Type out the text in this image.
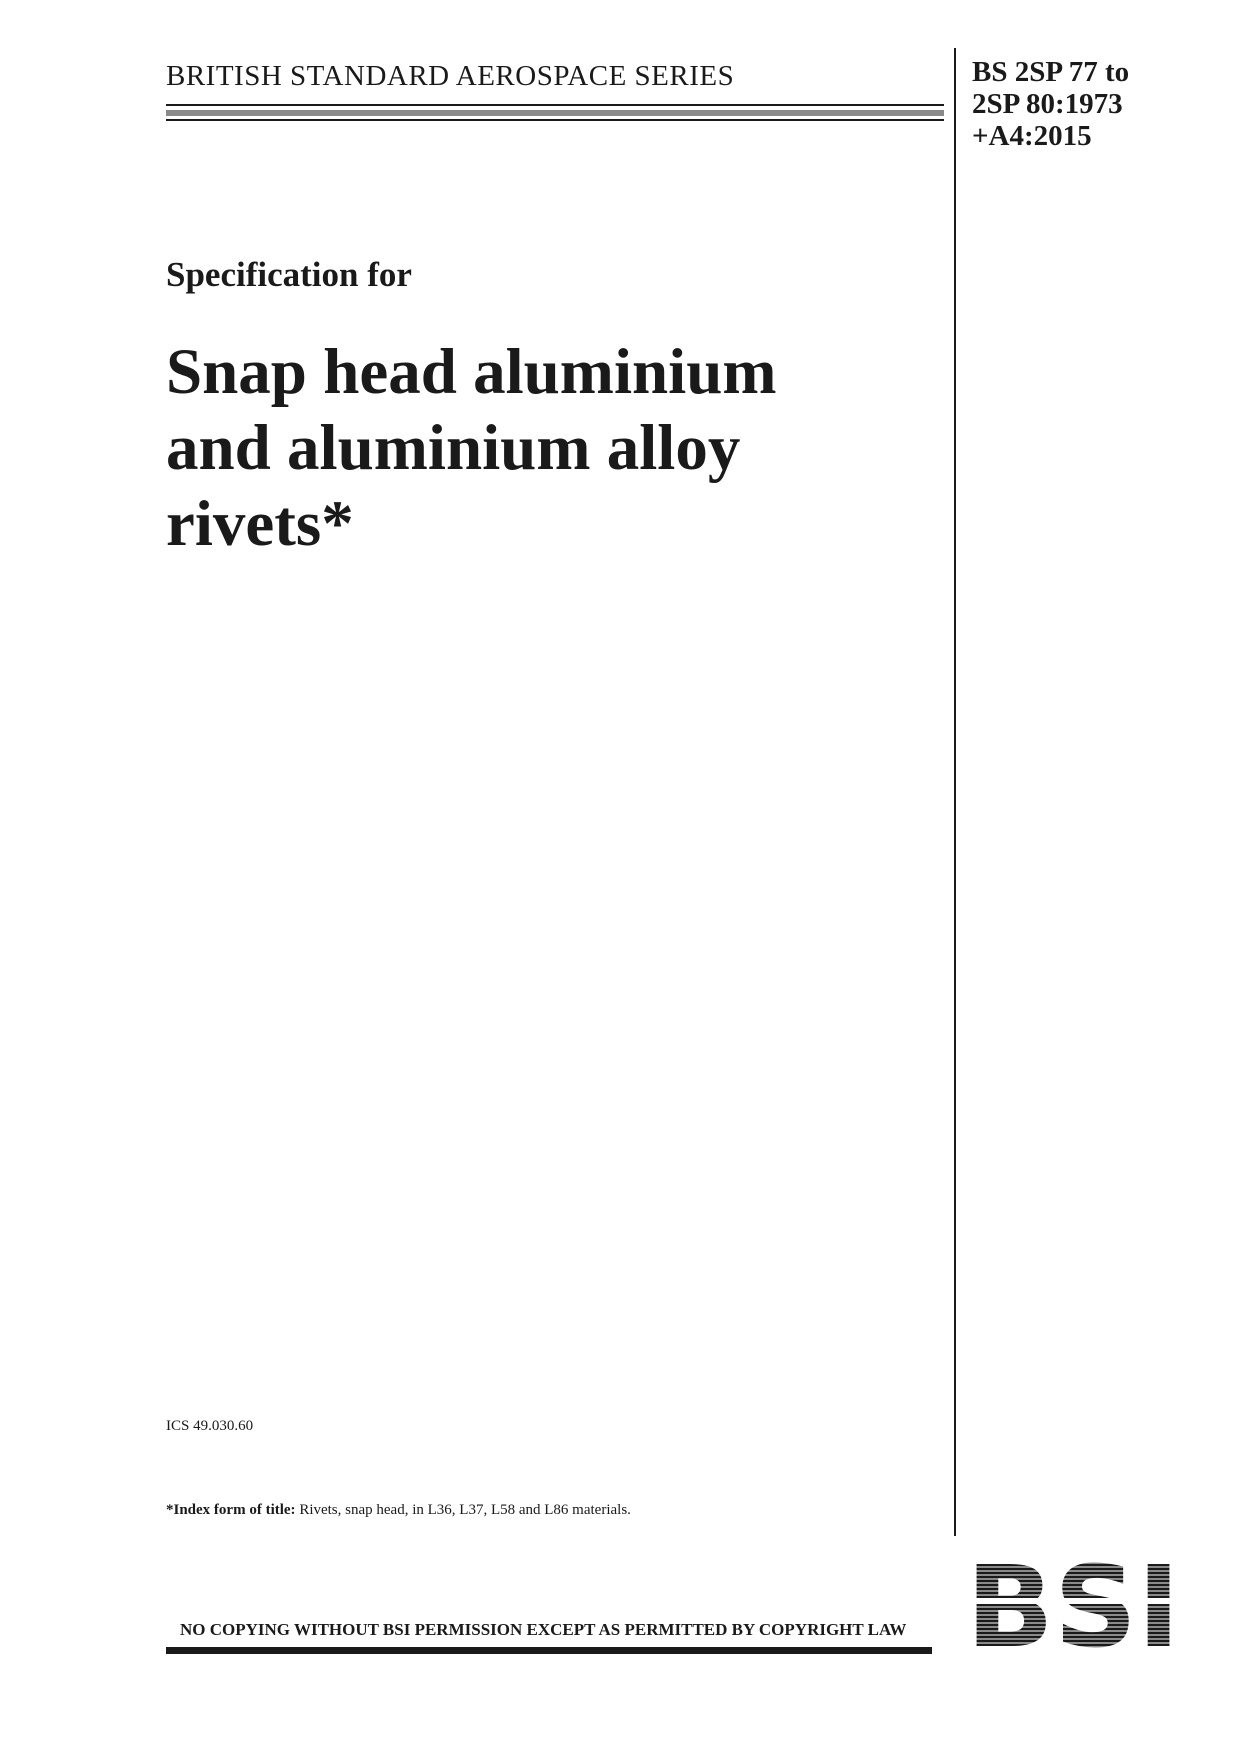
BRITISH STANDARD AEROSPACE SERIES	BS 2SP 77 to
2SP 80:1973
+A4:2015
Specification for
Snap head aluminium
and aluminium alloy
rivets*
ICS 49.030.60
*Index form of title: Rivets, snap head, in L36, L37, L58 and L86 materials.
NO COPYING WITHOUT BSI PERMISSION EXCEPT AS PERMITTED BY COPYRIGHT LAW
